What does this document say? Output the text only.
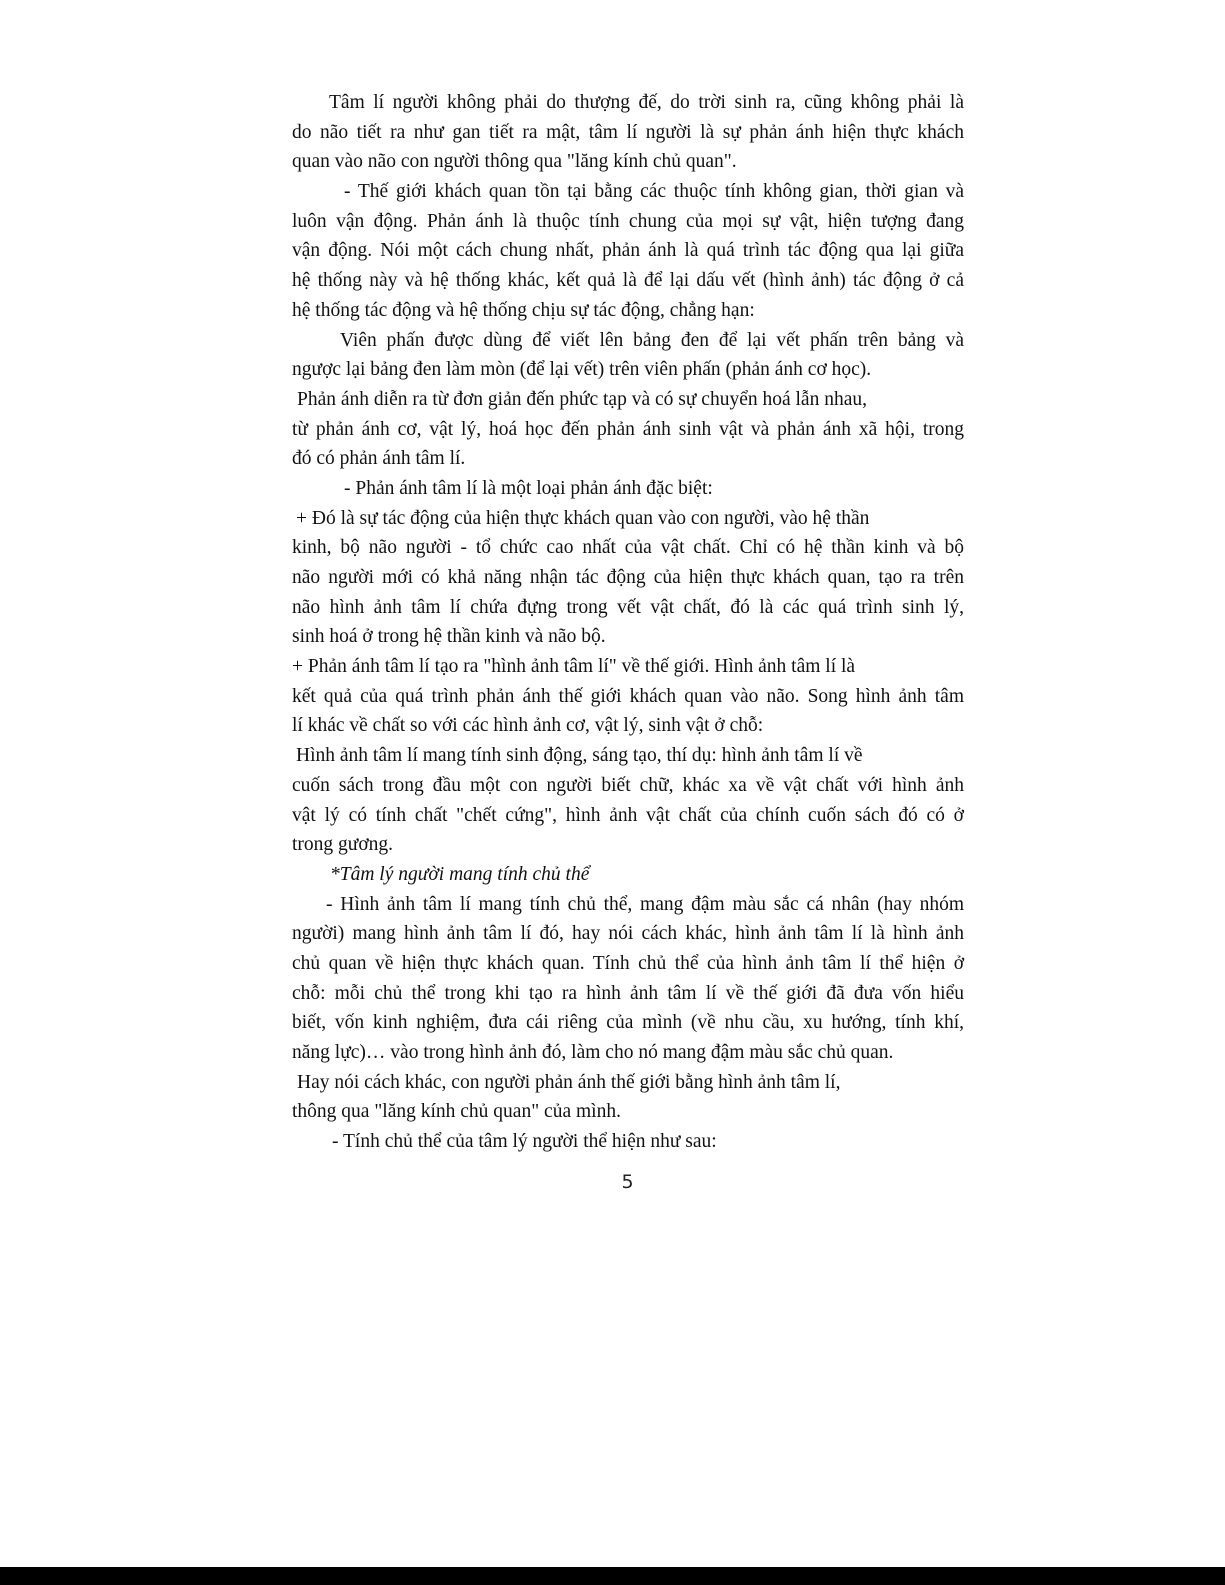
Tâm lí người không phải do thượng đế, do trời sinh ra, cũng không phải là
do não tiết ra như gan tiết ra mật, tâm lí người là sự phản ánh hiện thực khách
quan vào não con người thông qua "lăng kính chủ quan".
- Thế giới khách quan tồn tại bằng các thuộc tính không gian, thời gian và
luôn vận động. Phản ánh là thuộc tính chung của mọi sự vật, hiện tượng đang
vận động. Nói một cách chung nhất, phản ánh là quá trình tác động qua lại giữa
hệ thống này và hệ thống khác, kết quả là để lại dấu vết (hình ảnh) tác động ở cả
hệ thống tác động và hệ thống chịu sự tác động, chẳng hạn:
Viên phấn được dùng để viết lên bảng đen để lại vết phấn trên bảng và
ngược lại bảng đen làm mòn (để lại vết) trên viên phấn (phản ánh cơ học).
Phản ánh diễn ra từ đơn giản đến phức tạp và có sự chuyển hoá lẫn nhau,
từ phản ánh cơ, vật lý, hoá học đến phản ánh sinh vật và phản ánh xã hội, trong
đó có phản ánh tâm lí.
- Phản ánh tâm lí là một loại phản ánh đặc biệt:
+ Đó là sự tác động của hiện thực khách quan vào con người, vào hệ thần
kinh, bộ não người - tổ chức cao nhất của vật chất. Chỉ có hệ thần kinh và bộ
não người mới có khả năng nhận tác động của hiện thực khách quan, tạo ra trên
não hình ảnh tâm lí chứa đựng trong vết vật chất, đó là các quá trình sinh lý,
sinh hoá ở trong hệ thần kinh và não bộ.
+ Phản ánh tâm lí tạo ra "hình ảnh tâm lí" về thế giới. Hình ảnh tâm lí là
kết quả của quá trình phản ánh thế giới khách quan vào não. Song hình ảnh tâm
lí khác về chất so với các hình ảnh cơ, vật lý, sinh vật ở chỗ:
Hình ảnh tâm lí mang tính sinh động, sáng tạo, thí dụ: hình ảnh tâm lí về
cuốn sách trong đầu một con người biết chữ, khác xa về vật chất với hình ảnh
vật lý có tính chất "chết cứng", hình ảnh vật chất của chính cuốn sách đó có ở
trong gương.
*Tâm lý người mang tính chủ thể
- Hình ảnh tâm lí mang tính chủ thể, mang đậm màu sắc cá nhân (hay nhóm
người) mang hình ảnh tâm lí đó, hay nói cách khác, hình ảnh tâm lí là hình ảnh
chủ quan về hiện thực khách quan. Tính chủ thể của hình ảnh tâm lí thể hiện ở
chỗ: mỗi chủ thể trong khi tạo ra hình ảnh tâm lí về thế giới đã đưa vốn hiểu
biết, vốn kinh nghiệm, đưa cái riêng của mình (về nhu cầu, xu hướng, tính khí,
năng lực)… vào trong hình ảnh đó, làm cho nó mang đậm màu sắc chủ quan.
Hay nói cách khác, con người phản ánh thế giới bằng hình ảnh tâm lí,
thông qua "lăng kính chủ quan" của mình.
- Tính chủ thể của tâm lý người thể hiện như sau:
5
